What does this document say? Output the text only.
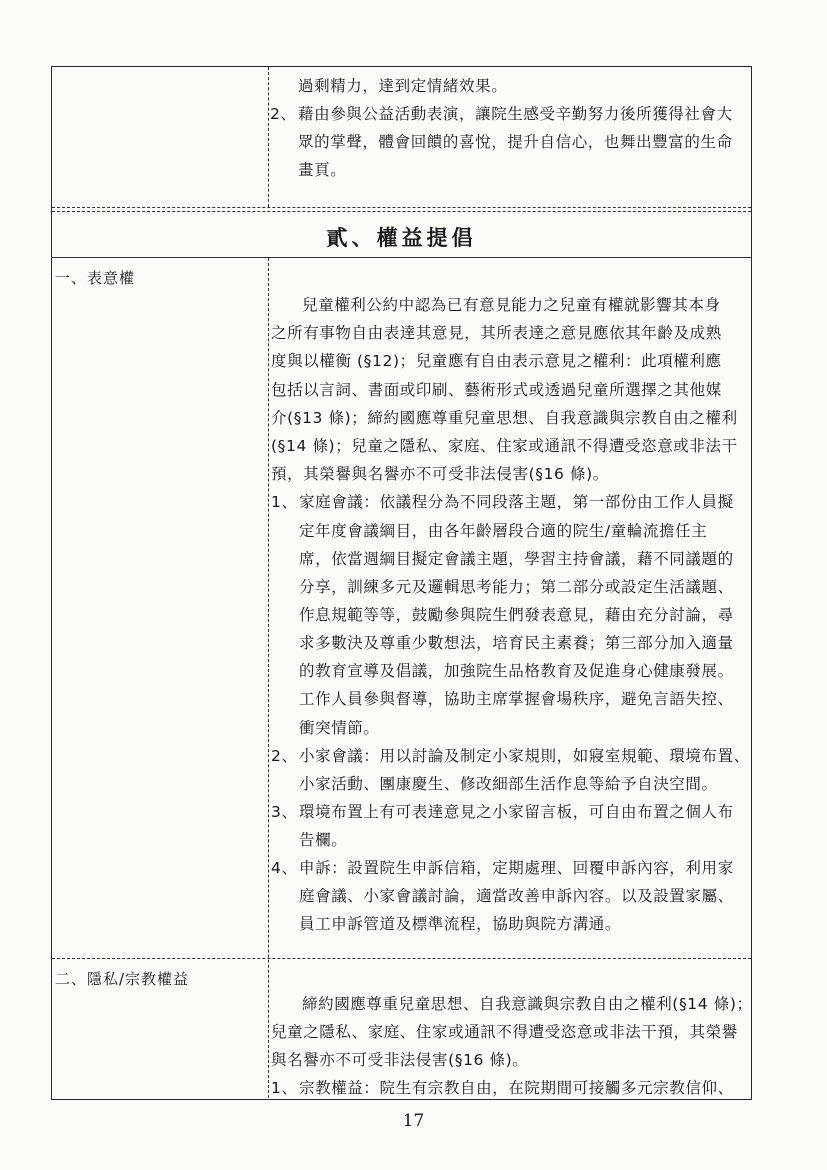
過剩精力，達到定情緒效果。
2、 藉由參與公益活動表演，讓院生感受辛勤努力後所獲得社會大
眾的掌聲，體會回饋的喜悅，提升自信心，也舞出豐富的生命
畫頁。
貳、權益提倡
一、表意權
兒童權利公約中認為已有意見能力之兒童有權就影響其本身
之所有事物自由表達其意見，其所表達之意見應依其年齡及成熟
度與以權衡 (§12)；兒童應有自由表示意見之權利：此項權利應
包括以言詞、書面或印刷、藝術形式或透過兒童所選擇之其他媒
介(§13 條)；締約國應尊重兒童思想、自我意識與宗教自由之權利
(§14 條)；兒童之隱私、家庭、住家或通訊不得遭受恣意或非法干
預，其榮譽與名譽亦不可受非法侵害(§16 條)。
1、 家庭會議：依議程分為不同段落主題，第一部份由工作人員擬
定年度會議綱目，由各年齡層段合適的院生/童輪流擔任主
席，依當週綱目擬定會議主題，學習主持會議，藉不同議題的
分享，訓練多元及邏輯思考能力；第二部分或設定生活議題、
作息規範等等，鼓勵參與院生們發表意見，藉由充分討論，尋
求多數決及尊重少數想法，培育民主素養；第三部分加入適量
的教育宣導及倡議，加強院生品格教育及促進身心健康發展。
工作人員參與督導，協助主席掌握會場秩序，避免言語失控、
衝突情節。
2、 小家會議：用以討論及制定小家規則，如寢室規範、環境布置、
小家活動、團康慶生、修改細部生活作息等給予自決空間。
3、 環境布置上有可表達意見之小家留言板，可自由布置之個人布
告欄。
4、 申訴：設置院生申訴信箱，定期處理、回覆申訴內容，利用家
庭會議、小家會議討論，適當改善申訴內容。以及設置家屬、
員工申訴管道及標準流程，協助與院方溝通。
二、隱私/宗教權益
締約國應尊重兒童思想、自我意識與宗教自由之權利(§14 條)；
兒童之隱私、家庭、住家或通訊不得遭受恣意或非法干預，其榮譽
與名譽亦不可受非法侵害(§16 條)。
1、 宗教權益：院生有宗教自由，在院期間可接觸多元宗教信仰、
17
